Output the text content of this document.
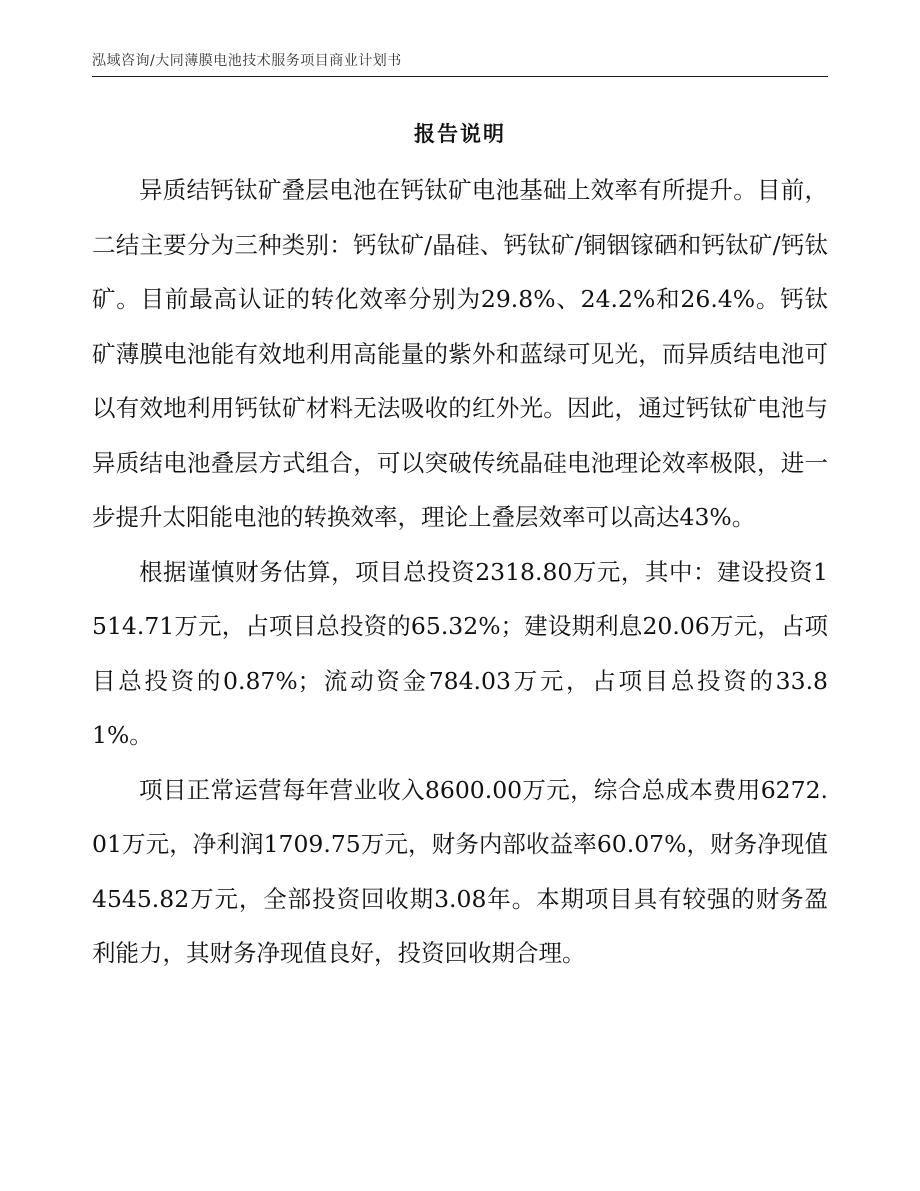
泓域咨询/大同薄膜电池技术服务项目商业计划书
报告说明

异质结钙钛矿叠层电池在钙钛矿电池基础上效率有所提升。目前，二结主要分为三种类别：钙钛矿/晶硅、钙钛矿/铜铟镓硒和钙钛矿/钙钛矿。目前最高认证的转化效率分别为29.8%、24.2%和26.4%。钙钛矿薄膜电池能有效地利用高能量的紫外和蓝绿可见光，而异质结电池可以有效地利用钙钛矿材料无法吸收的红外光。因此，通过钙钛矿电池与异质结电池叠层方式组合，可以突破传统晶硅电池理论效率极限，进一步提升太阳能电池的转换效率，理论上叠层效率可以高达43%。

根据谨慎财务估算，项目总投资2318.80万元，其中：建设投资1514.71万元，占项目总投资的65.32%；建设期利息20.06万元，占项目总投资的0.87%；流动资金784.03万元，占项目总投资的33.81%。

项目正常运营每年营业收入8600.00万元，综合总成本费用6272.01万元，净利润1709.75万元，财务内部收益率60.07%，财务净现值4545.82万元，全部投资回收期3.08年。本期项目具有较强的财务盈利能力，其财务净现值良好，投资回收期合理。
